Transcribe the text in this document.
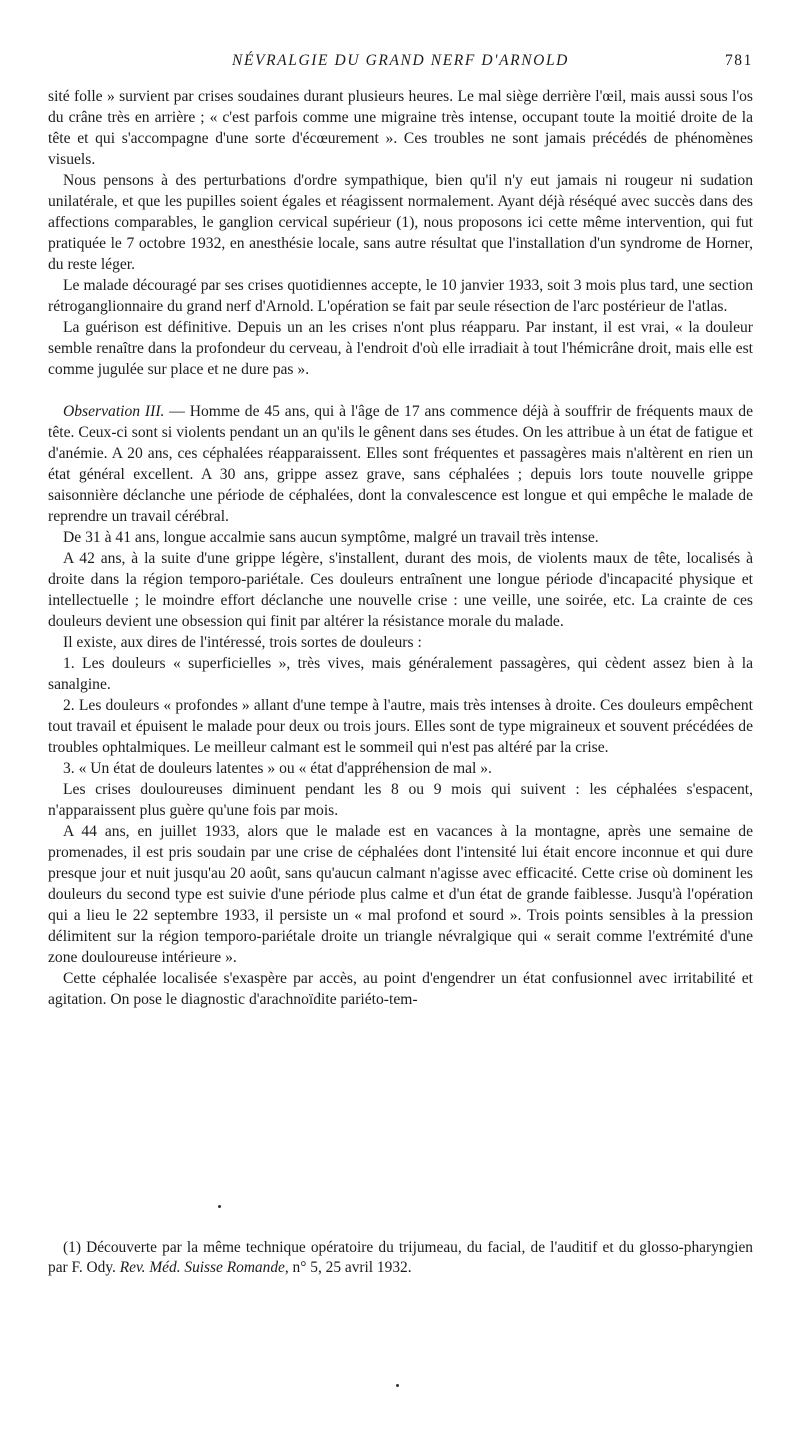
NÉVRALGIE DU GRAND NERF D'ARNOLD	781

sité folle » survient par crises soudaines durant plusieurs heures. Le mal siège derrière l'œil, mais aussi sous l'os du crâne très en arrière ; « c'est parfois comme une migraine très intense, occupant toute la moitié droite de la tête et qui s'accompagne d'une sorte d'écœurement ». Ces troubles ne sont jamais précédés de phénomènes visuels.

Nous pensons à des perturbations d'ordre sympathique, bien qu'il n'y eut jamais ni rougeur ni sudation unilatérale, et que les pupilles soient égales et réagissent normalement. Ayant déjà réséqué avec succès dans des affections comparables, le ganglion cervical supérieur (1), nous proposons ici cette même intervention, qui fut pratiquée le 7 octobre 1932, en anesthésie locale, sans autre résultat que l'installation d'un syndrome de Horner, du reste léger.

Le malade découragé par ses crises quotidiennes accepte, le 10 janvier 1933, soit 3 mois plus tard, une section rétroganglionnaire du grand nerf d'Arnold. L'opération se fait par seule résection de l'arc postérieur de l'atlas.

La guérison est définitive. Depuis un an les crises n'ont plus réapparu. Par instant, il est vrai, « la douleur semble renaître dans la profondeur du cerveau, à l'endroit d'où elle irradiait à tout l'hémicrâne droit, mais elle est comme jugulée sur place et ne dure pas ».

Observation III. — Homme de 45 ans, qui à l'âge de 17 ans commence déjà à souffrir de fréquents maux de tête. Ceux-ci sont si violents pendant un an qu'ils le gênent dans ses études. On les attribue à un état de fatigue et d'anémie. A 20 ans, ces céphalées réapparaissent. Elles sont fréquentes et passagères mais n'altèrent en rien un état général excellent. A 30 ans, grippe assez grave, sans céphalées ; depuis lors toute nouvelle grippe saisonnière déclanche une période de céphalées, dont la convalescence est longue et qui empêche le malade de reprendre un travail cérébral.

De 31 à 41 ans, longue accalmie sans aucun symptôme, malgré un travail très intense.

A 42 ans, à la suite d'une grippe légère, s'installent, durant des mois, de violents maux de tête, localisés à droite dans la région temporo-pariétale. Ces douleurs entraînent une longue période d'incapacité physique et intellectuelle ; le moindre effort déclanche une nouvelle crise : une veille, une soirée, etc. La crainte de ces douleurs devient une obsession qui finit par altérer la résistance morale du malade.

Il existe, aux dires de l'intéressé, trois sortes de douleurs :

1. Les douleurs « superficielles », très vives, mais généralement passagères, qui cèdent assez bien à la sanalgine.

2. Les douleurs « profondes » allant d'une tempe à l'autre, mais très intenses à droite. Ces douleurs empêchent tout travail et épuisent le malade pour deux ou trois jours. Elles sont de type migraineux et souvent précédées de troubles ophtalmiques. Le meilleur calmant est le sommeil qui n'est pas altéré par la crise.

3. « Un état de douleurs latentes » ou « état d'appréhension de mal ».

Les crises douloureuses diminuent pendant les 8 ou 9 mois qui suivent : les céphalées s'espacent, n'apparaissent plus guère qu'une fois par mois.

A 44 ans, en juillet 1933, alors que le malade est en vacances à la montagne, après une semaine de promenades, il est pris soudain par une crise de céphalées dont l'intensité lui était encore inconnue et qui dure presque jour et nuit jusqu'au 20 août, sans qu'aucun calmant n'agisse avec efficacité. Cette crise où dominent les douleurs du second type est suivie d'une période plus calme et d'un état de grande faiblesse. Jusqu'à l'opération qui a lieu le 22 septembre 1933, il persiste un « mal profond et sourd ». Trois points sensibles à la pression délimitent sur la région temporo-pariétale droite un triangle névralgique qui « serait comme l'extrémité d'une zone douloureuse intérieure ».

Cette céphalée localisée s'exaspère par accès, au point d'engendrer un état confusionnel avec irritabilité et agitation. On pose le diagnostic d'arachnoïdite pariéto-tem-

(1) Découverte par la même technique opératoire du trijumeau, du facial, de l'auditif et du glosso-pharyngien par F. Ody. Rev. Méd. Suisse Romande, n° 5, 25 avril 1932.
